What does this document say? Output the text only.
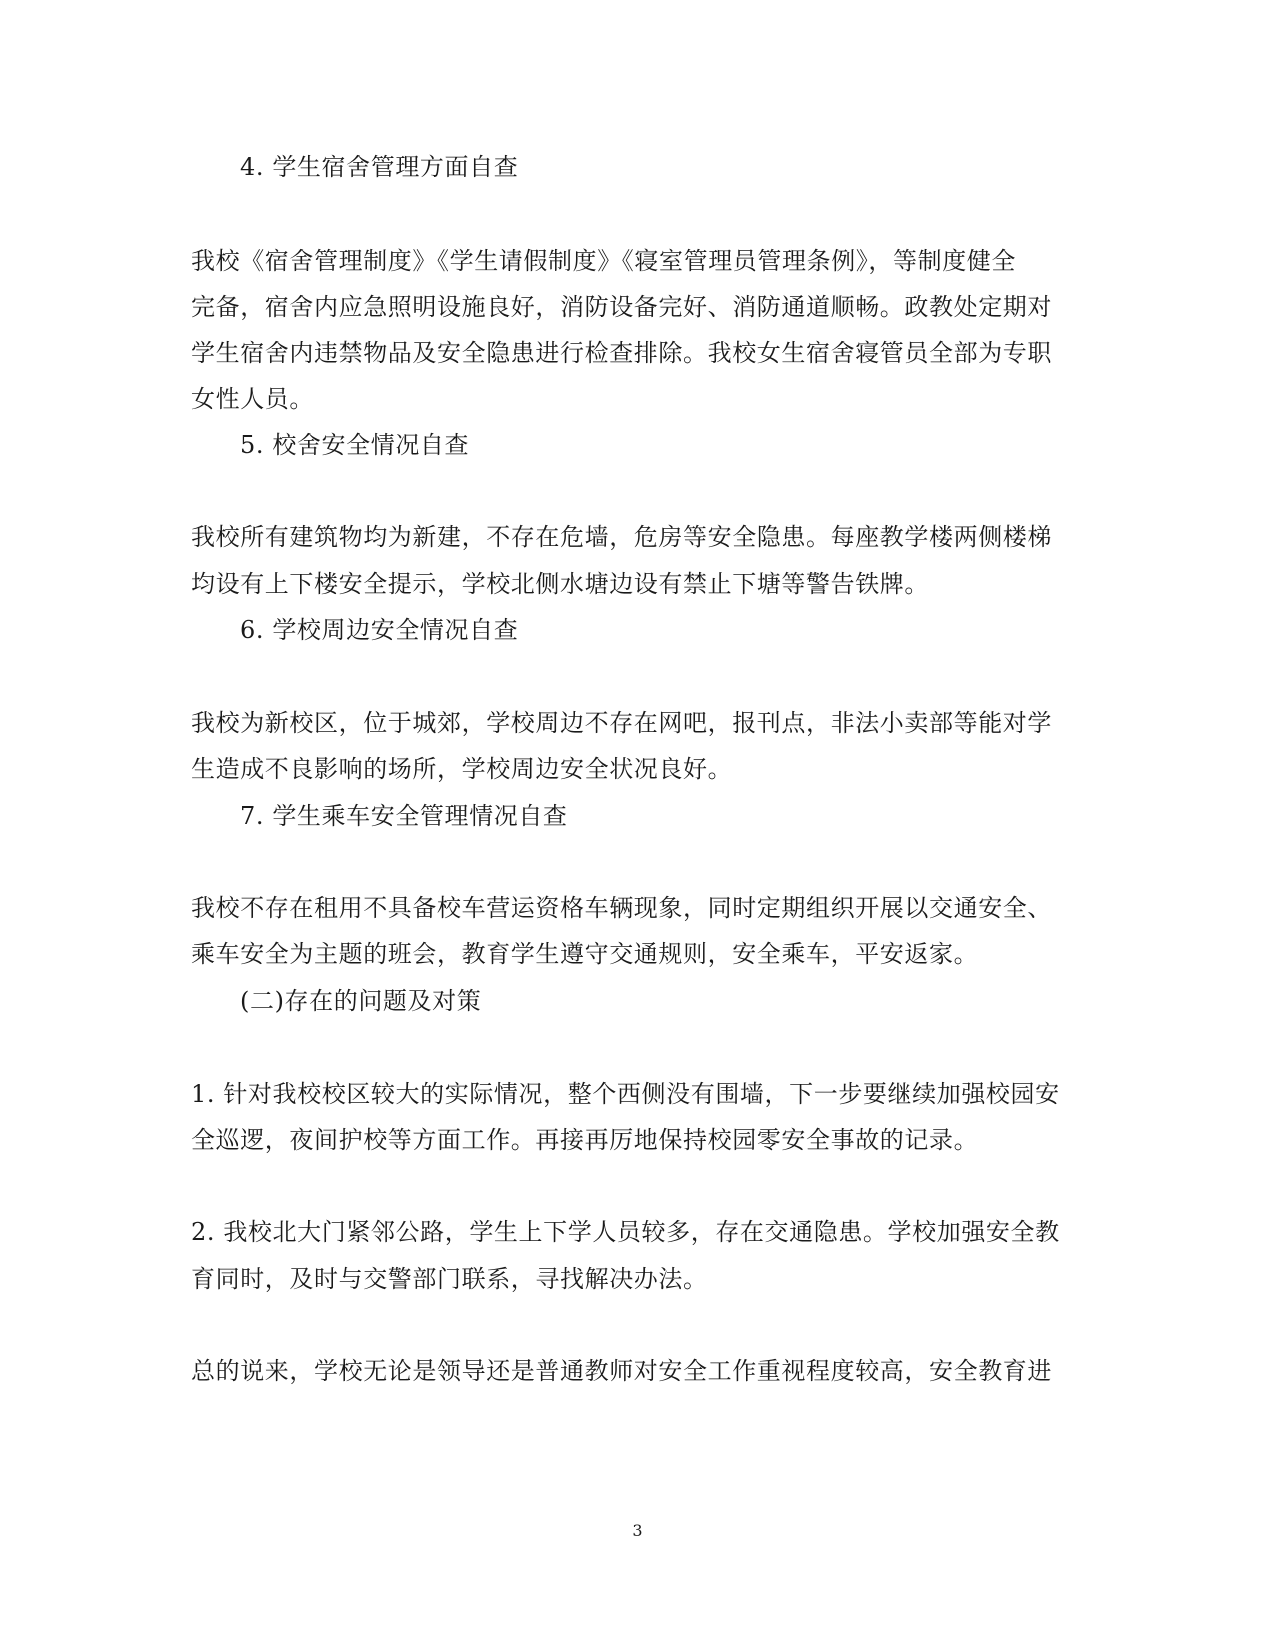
4. 学生宿舍管理方面自查
我校《宿舍管理制度》《学生请假制度》《寝室管理员管理条例》，等制度健全
完备，宿舍内应急照明设施良好，消防设备完好、消防通道顺畅。政教处定期对
学生宿舍内违禁物品及安全隐患进行检查排除。我校女生宿舍寝管员全部为专职
女性人员。
5. 校舍安全情况自查
我校所有建筑物均为新建，不存在危墙，危房等安全隐患。每座教学楼两侧楼梯
均设有上下楼安全提示，学校北侧水塘边设有禁止下塘等警告铁牌。
6. 学校周边安全情况自查
我校为新校区，位于城郊，学校周边不存在网吧，报刊点，非法小卖部等能对学
生造成不良影响的场所，学校周边安全状况良好。
7. 学生乘车安全管理情况自查
我校不存在租用不具备校车营运资格车辆现象，同时定期组织开展以交通安全、
乘车安全为主题的班会，教育学生遵守交通规则，安全乘车，平安返家。
(二)存在的问题及对策
1. 针对我校校区较大的实际情况，整个西侧没有围墙，下一步要继续加强校园安
全巡逻，夜间护校等方面工作。再接再厉地保持校园零安全事故的记录。
2. 我校北大门紧邻公路，学生上下学人员较多，存在交通隐患。学校加强安全教
育同时，及时与交警部门联系，寻找解决办法。
总的说来，学校无论是领导还是普通教师对安全工作重视程度较高，安全教育进
3
